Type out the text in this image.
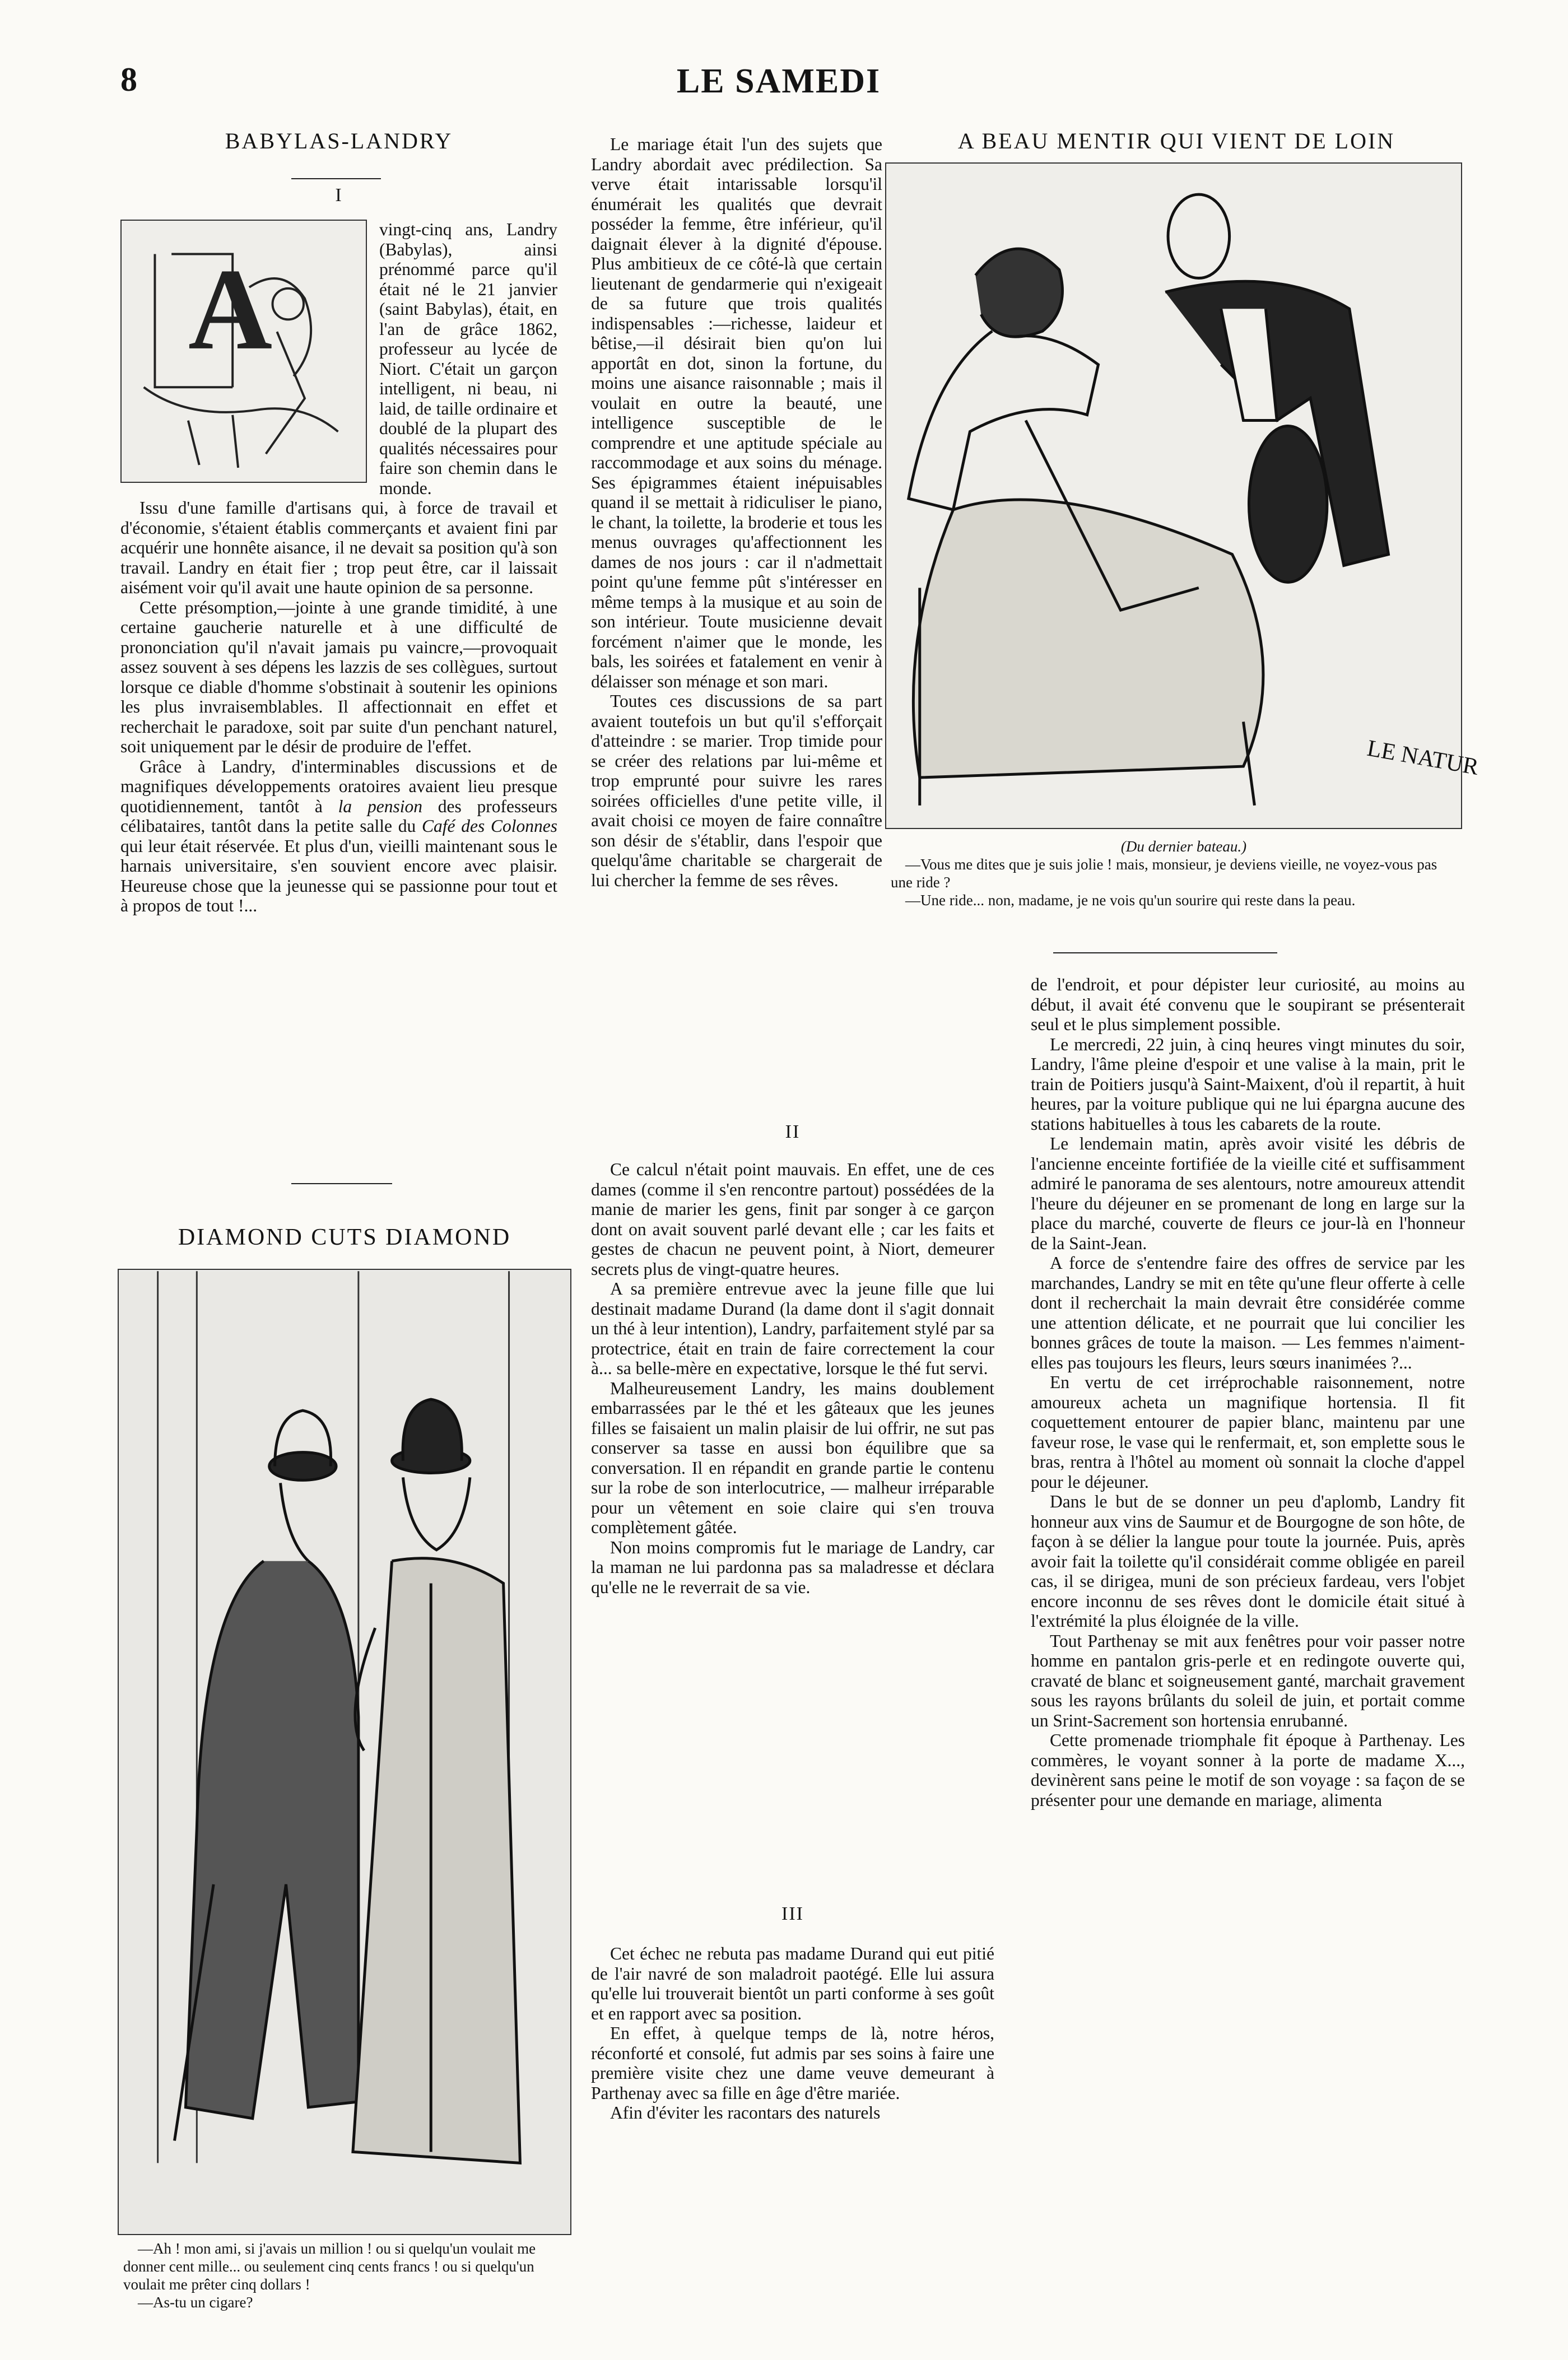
8	LE SAMEDI
BABYLAS-LANDRY
I
A

vingt-cinq ans, Landry (Babylas), ainsi prénommé parce qu'il était né le 21 janvier (saint Babylas), était, en l'an de grâce 1862, professeur au lycée de Niort. C'était un garçon intelligent, ni beau, ni laid, de taille ordinaire et doublé de la plupart des qualités nécessaires pour faire son chemin dans le monde.

Issu d'une famille d'artisans qui, à force de travail et d'économie, s'étaient établis commerçants et avaient fini par acquérir une honnête aisance, il ne devait sa position qu'à son travail. Landry en était fier ; trop peut être, car il laissait aisément voir qu'il avait une haute opinion de sa personne.

Cette présomption,—jointe à une grande timidité, à une certaine gaucherie naturelle et à une difficulté de prononciation qu'il n'avait jamais pu vaincre,—provoquait assez souvent à ses dépens les lazzis de ses collègues, surtout lorsque ce diable d'homme s'obstinait à soutenir les opinions les plus invraisemblables. Il affectionnait en effet et recherchait le paradoxe, soit par suite d'un penchant naturel, soit uniquement par le désir de produire de l'effet.

Grâce à Landry, d'interminables discussions et de magnifiques développements oratoires avaient lieu presque quotidiennement, tantôt à la pension des professeurs célibataires, tantôt dans la petite salle du Café des Colonnes qui leur était réservée. Et plus d'un, vieilli maintenant sous le harnais universitaire, s'en souvient encore avec plaisir. Heureuse chose que la jeunesse qui se passionne pour tout et à propos de tout !...

DIAMOND CUTS DIAMOND

—Ah ! mon ami, si j'avais un million ! ou si quelqu'un voulait me donner cent mille... ou seulement cinq cents francs ! ou si quelqu'un voulait me prêter cinq dollars !

—As-tu un cigare?

Le mariage était l'un des sujets que Landry abordait avec prédilection. Sa verve était intarissable lorsqu'il énumérait les qualités que devrait posséder la femme, être inférieur, qu'il daignait élever à la dignité d'épouse. Plus ambitieux de ce côté-là que certain lieutenant de gendarmerie qui n'exigeait de sa future que trois qualités indispensables :—richesse, laideur et bêtise,—il désirait bien qu'on lui apportât en dot, sinon la fortune, du moins une aisance raisonnable ; mais il voulait en outre la beauté, une intelligence susceptible de le comprendre et une aptitude spéciale au raccommodage et aux soins du ménage. Ses épigrammes étaient inépuisables quand il se mettait à ridiculiser le piano, le chant, la toilette, la broderie et tous les menus ouvrages qu'affectionnent les dames de nos jours : car il n'admettait point qu'une femme pût s'intéresser en même temps à la musique et au soin de son intérieur. Toute musicienne devait forcément n'aimer que le monde, les bals, les soirées et fatalement en venir à délaisser son ménage et son mari.

Toutes ces discussions de sa part avaient toutefois un but qu'il s'efforçait d'atteindre : se marier. Trop timide pour se créer des relations par lui-même et trop emprunté pour suivre les rares soirées officielles d'une petite ville, il avait choisi ce moyen de faire connaître son désir de s'établir, dans l'espoir que quelqu'âme charitable se chargerait de lui chercher la femme de ses rêves.

II

Ce calcul n'était point mauvais. En effet, une de ces dames (comme il s'en rencontre partout) possédées de la manie de marier les gens, finit par songer à ce garçon dont on avait souvent parlé devant elle ; car les faits et gestes de chacun ne peuvent point, à Niort, demeurer secrets plus de vingt-quatre heures.

A sa première entrevue avec la jeune fille que lui destinait madame Durand (la dame dont il s'agit donnait un thé à leur intention), Landry, parfaitement stylé par sa protectrice, était en train de faire correctement la cour à... sa belle-mère en expectative, lorsque le thé fut servi.

Malheureusement Landry, les mains doublement embarrassées par le thé et les gâteaux que les jeunes filles se faisaient un malin plaisir de lui offrir, ne sut pas conserver sa tasse en aussi bon équilibre que sa conversation. Il en répandit en grande partie le contenu sur la robe de son interlocutrice, — malheur irréparable pour un vêtement en soie claire qui s'en trouva complètement gâtée.

Non moins compromis fut le mariage de Landry, car la maman ne lui pardonna pas sa maladresse et déclara qu'elle ne le reverrait de sa vie.

III

Cet échec ne rebuta pas madame Durand qui eut pitié de l'air navré de son maladroit paotégé. Elle lui assura qu'elle lui trouverait bientôt un parti conforme à ses goût et en rapport avec sa position.

En effet, à quelque temps de là, notre héros, réconforté et consolé, fut admis par ses soins à faire une première visite chez une dame veuve demeurant à Parthenay avec sa fille en âge d'être mariée.

Afin d'éviter les racontars des naturels

A BEAU MENTIR QUI VIENT DE LOIN
LE NATUR

(Du dernier bateau.)

—Vous me dites que je suis jolie ! mais, monsieur, je deviens vieille, ne voyez-vous pas une ride ?

—Une ride... non, madame, je ne vois qu'un sourire qui reste dans la peau.

de l'endroit, et pour dépister leur curiosité, au moins au début, il avait été convenu que le soupirant se présenterait seul et le plus simplement possible.

Le mercredi, 22 juin, à cinq heures vingt minutes du soir, Landry, l'âme pleine d'espoir et une valise à la main, prit le train de Poitiers jusqu'à Saint-Maixent, d'où il repartit, à huit heures, par la voiture publique qui ne lui épargna aucune des stations habituelles à tous les cabarets de la route.

Le lendemain matin, après avoir visité les débris de l'ancienne enceinte fortifiée de la vieille cité et suffisamment admiré le panorama de ses alentours, notre amoureux attendit l'heure du déjeuner en se promenant de long en large sur la place du marché, couverte de fleurs ce jour-là en l'honneur de la Saint-Jean.

A force de s'entendre faire des offres de service par les marchandes, Landry se mit en tête qu'une fleur offerte à celle dont il recherchait la main devrait être considérée comme une attention délicate, et ne pourrait que lui concilier les bonnes grâces de toute la maison. — Les femmes n'aiment-elles pas toujours les fleurs, leurs sœurs inanimées ?...

En vertu de cet irréprochable raisonnement, notre amoureux acheta un magnifique hortensia. Il fit coquettement entourer de papier blanc, maintenu par une faveur rose, le vase qui le renfermait, et, son emplette sous le bras, rentra à l'hôtel au moment où sonnait la cloche d'appel pour le déjeuner.

Dans le but de se donner un peu d'aplomb, Landry fit honneur aux vins de Saumur et de Bourgogne de son hôte, de façon à se délier la langue pour toute la journée. Puis, après avoir fait la toilette qu'il considérait comme obligée en pareil cas, il se dirigea, muni de son précieux fardeau, vers l'objet encore inconnu de ses rêves dont le domicile était situé à l'extrémité la plus éloignée de la ville.

Tout Parthenay se mit aux fenêtres pour voir passer notre homme en pantalon gris-perle et en redingote ouverte qui, cravaté de blanc et soigneusement ganté, marchait gravement sous les rayons brûlants du soleil de juin, et portait comme un Srint-Sacrement son hortensia enrubanné.

Cette promenade triomphale fit époque à Parthenay. Les commères, le voyant sonner à la porte de madame X..., devinèrent sans peine le motif de son voyage : sa façon de se présenter pour une demande en mariage, alimenta
